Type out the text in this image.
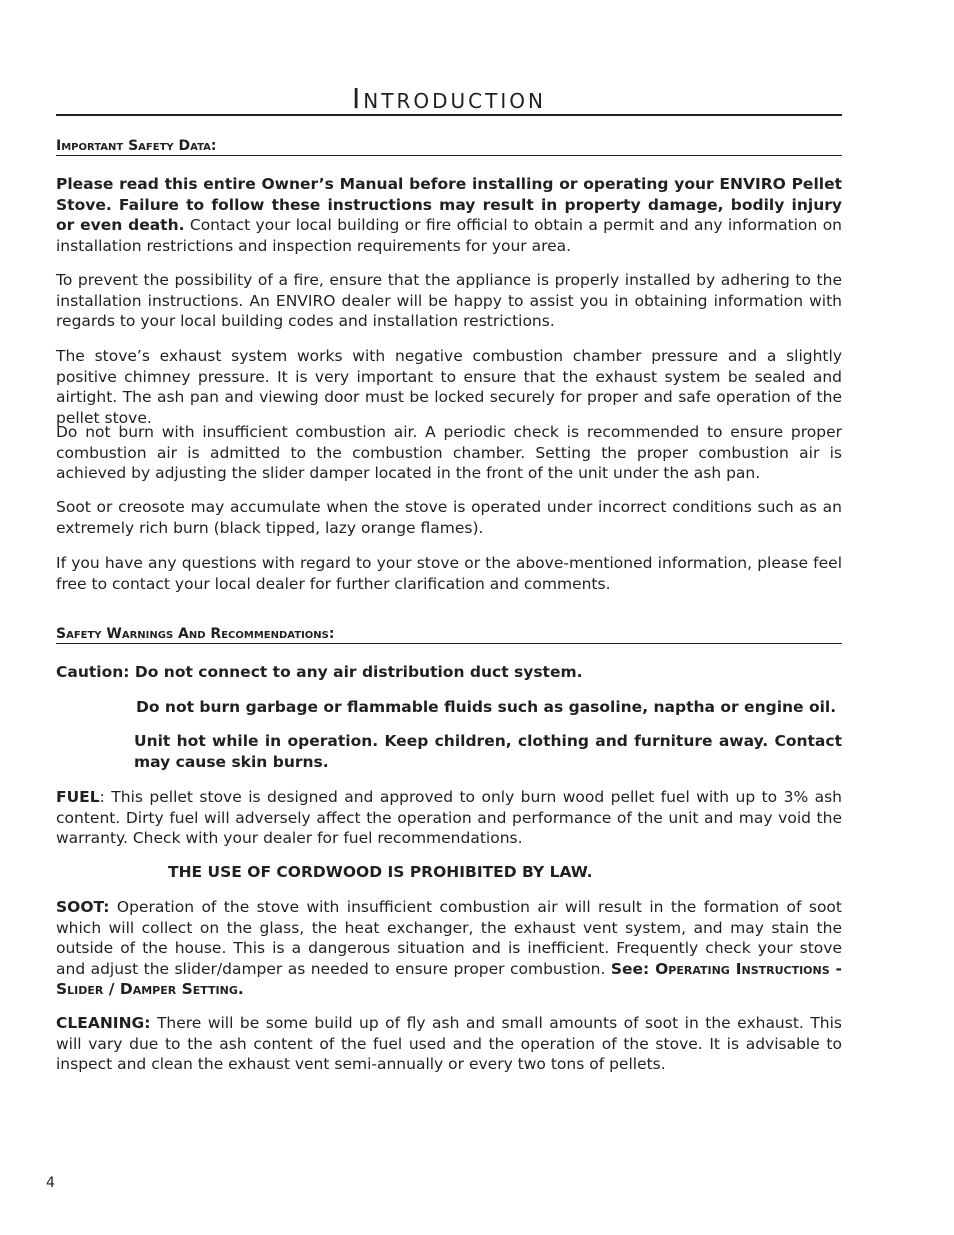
Introduction
Important Safety Data:
Please read this entire Owner’s Manual before installing or operating your ENVIRO Pellet Stove. Failure to follow these instructions may result in property damage, bodily injury or even death. Contact your local building or fire official to obtain a permit and any information on installation restrictions and inspection requirements for your area.
To prevent the possibility of a fire, ensure that the appliance is properly installed by adhering to the installation instructions. An ENVIRO dealer will be happy to assist you in obtaining information with regards to your local building codes and installation restrictions.
The stove’s exhaust system works with negative combustion chamber pressure and a slightly positive chimney pressure. It is very important to ensure that the exhaust system be sealed and airtight. The ash pan and viewing door must be locked securely for proper and safe operation of the pellet stove.
Do not burn with insufficient combustion air. A periodic check is recommended to ensure proper combustion air is admitted to the combustion chamber. Setting the proper combustion air is achieved by adjusting the slider damper located in the front of the unit under the ash pan.
Soot or creosote may accumulate when the stove is operated under incorrect conditions such as an extremely rich burn (black tipped, lazy orange flames).
If you have any questions with regard to your stove or the above-mentioned information, please feel free to contact your local dealer for further clarification and comments.
Safety Warnings And Recommendations:
Caution: Do not connect to any air distribution duct system.
Do not burn garbage or flammable fluids such as gasoline, naptha or engine oil.
Unit hot while in operation. Keep children, clothing and furniture away. Contact may cause skin burns.
FUEL: This pellet stove is designed and approved to only burn wood pellet fuel with up to 3% ash content. Dirty fuel will adversely affect the operation and performance of the unit and may void the warranty. Check with your dealer for fuel recommendations.
THE USE OF CORDWOOD IS PROHIBITED BY LAW.
SOOT: Operation of the stove with insufficient combustion air will result in the formation of soot which will collect on the glass, the heat exchanger, the exhaust vent system, and may stain the outside of the house. This is a dangerous situation and is inefficient. Frequently check your stove and adjust the slider/damper as needed to ensure proper combustion. See: Operating Instructions - Slider / Damper Setting.
CLEANING: There will be some build up of fly ash and small amounts of soot in the exhaust. This will vary due to the ash content of the fuel used and the operation of the stove. It is advisable to inspect and clean the exhaust vent semi-annually or every two tons of pellets.
4
